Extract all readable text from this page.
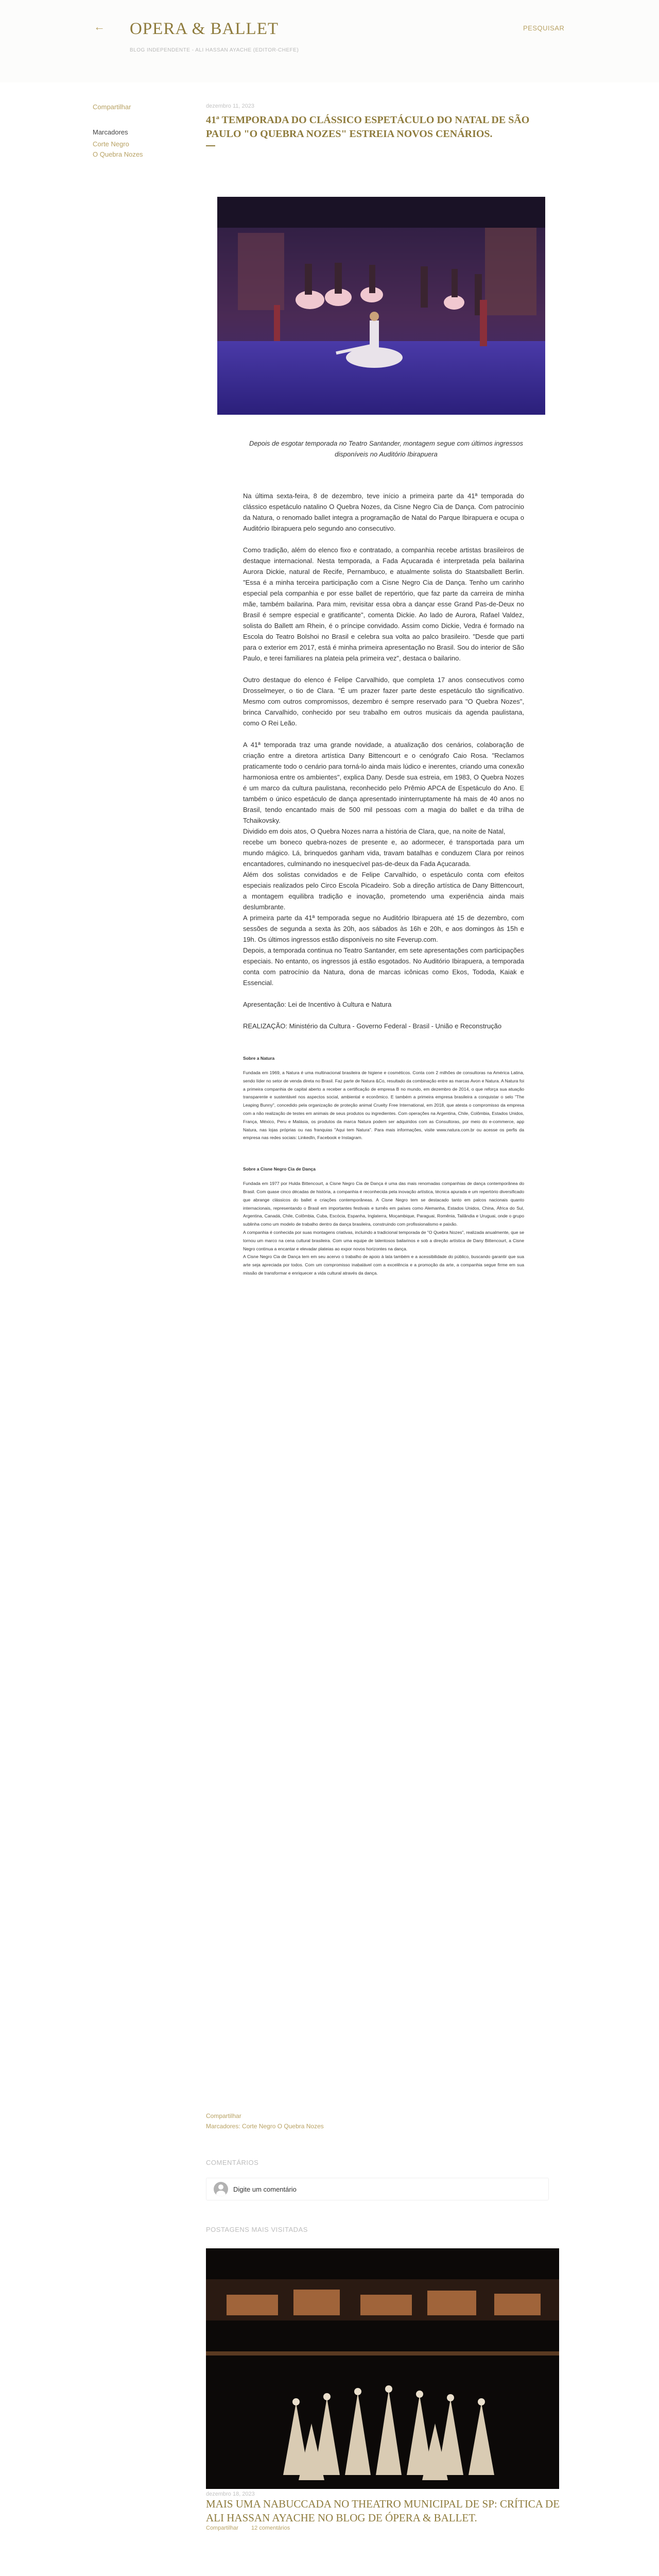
← OPERA & BALLET
BLOG INDEPENDENTE - ALI HASSAN AYACHE (EDITOR-CHEFE)
PESQUISAR
Compartilhar
Marcadores
Corte Negro
O Quebra Nozes
dezembro 11, 2023
41ª TEMPORADA DO CLÁSSICO ESPETÁCULO DO NATAL DE SÃO PAULO "O QUEBRA NOZES" ESTREIA NOVOS CENÁRIOS.
Depois de esgotar temporada no Teatro Santander, montagem segue com últimos ingressos disponíveis no Auditório Ibirapuera

Na última sexta-feira, 8 de dezembro, teve início a primeira parte da 41ª temporada do clássico espetáculo natalino O Quebra Nozes, da Cisne Negro Cia de Dança. Com patrocínio da Natura, o renomado ballet integra a programação de Natal do Parque Ibirapuera e ocupa o Auditório Ibirapuera pelo segundo ano consecutivo.

Como tradição, além do elenco fixo e contratado, a companhia recebe artistas brasileiros de destaque internacional. Nesta temporada, a Fada Açucarada é interpretada pela bailarina Aurora Dickie, natural de Recife, Pernambuco, e atualmente solista do Staatsballett Berlin. "Essa é a minha terceira participação com a Cisne Negro Cia de Dança. Tenho um carinho especial pela companhia e por esse ballet de repertório, que faz parte da carreira de minha mãe, também bailarina. Para mim, revisitar essa obra a dançar esse Grand Pas-de-Deux no Brasil é sempre especial e gratificante", comenta Dickie. Ao lado de Aurora, Rafael Valdez, solista do Ballett am Rhein, é o príncipe convidado. Assim como Dickie, Vedra é formado na Escola do Teatro Bolshoi no Brasil e celebra sua volta ao palco brasileiro. "Desde que parti para o exterior em 2017, está é minha primeira apresentação no Brasil. Sou do interior de São Paulo, e terei familiares na plateia pela primeira vez", destaca o bailarino.

Outro destaque do elenco é Felipe Carvalhido, que completa 17 anos consecutivos como Drosselmeyer, o tio de Clara. "É um prazer fazer parte deste espetáculo tão significativo. Mesmo com outros compromissos, dezembro é sempre reservado para "O Quebra Nozes", brinca Carvalhido, conhecido por seu trabalho em outros musicais da agenda paulistana, como O Rei Leão.

A 41ª temporada traz uma grande novidade, a atualização dos cenários, colaboração de criação entre a diretora artística Dany Bittencourt e o cenógrafo Caio Rosa. "Reclamos praticamente todo o cenário para torná-lo ainda mais lúdico e inerentes, criando uma conexão harmoniosa entre os ambientes", explica Dany. Desde sua estreia, em 1983, O Quebra Nozes é um marco da cultura paulistana, reconhecido pelo Prêmio APCA de Espetáculo do Ano. E também o único espetáculo de dança apresentado ininterruptamente há mais de 40 anos no Brasil, tendo encantado mais de 500 mil pessoas com a magia do ballet e da trilha de Tchaikovsky.

Dividido em dois atos, O Quebra Nozes narra a história de Clara, que, na noite de Natal,

recebe um boneco quebra-nozes de presente e, ao adormecer, é transportada para um mundo mágico. Lá, brinquedos ganham vida, travam batalhas e conduzem Clara por reinos encantadores, culminando no inesquecível pas-de-deux da Fada Açucarada.

Além dos solistas convidados e de Felipe Carvalhido, o espetáculo conta com efeitos especiais realizados pelo Circo Escola Picadeiro. Sob a direção artística de Dany Bittencourt, a montagem equilibra tradição e inovação, prometendo uma experiência ainda mais deslumbrante.

A primeira parte da 41ª temporada segue no Auditório Ibirapuera até 15 de dezembro, com sessões de segunda a sexta às 20h, aos sábados às 16h e 20h, e aos domingos às 15h e 19h. Os últimos ingressos estão disponíveis no site Feverup.com.

Depois, a temporada continua no Teatro Santander, em sete apresentações com participações especiais. No entanto, os ingressos já estão esgotados. No Auditório Ibirapuera, a temporada conta com patrocínio da Natura, dona de marcas icônicas como Ekos, Tododa, Kaiak e Essencial.

Apresentação: Lei de Incentivo à Cultura e Natura

REALIZAÇÃO: Ministério da Cultura - Governo Federal - Brasil - União e Reconstrução

Sobre a Natura

Fundada em 1969, a Natura é uma multinacional brasileira de higiene e cosméticos. Conta com 2 milhões de consultoras na América Latina, sendo líder no setor de venda direta no Brasil. Faz parte de Natura &Co, resultado da combinação entre as marcas Avon e Natura. A Natura foi a primeira companhia de capital aberto a receber a certificação de empresa B no mundo, em dezembro de 2014, o que reforça sua atuação transparente e sustentável nos aspectos social, ambiental e econômico. E também a primeira empresa brasileira a conquistar o selo "The Leaping Bunny", concedido pela organização de proteção animal Cruelty Free International, em 2018, que atesta o compromisso da empresa com a não realização de testes em animais de seus produtos ou ingredientes. Com operações na Argentina, Chile, Colômbia, Estados Unidos, França, México, Peru e Malásia, os produtos da marca Natura podem ser adquiridos com as Consultoras, por meio do e-commerce, app Natura, nas lojas próprias ou nas franquias "Aqui tem Natura". Para mais informações, visite www.natura.com.br ou acesse os perfis da empresa nas redes sociais: LinkedIn, Facebook e Instagram.

Sobre a Cisne Negro Cia de Dança

Fundada em 1977 por Hulda Bittencourt, a Cisne Negro Cia de Dança é uma das mais renomadas companhias de dança contemporânea do Brasil. Com quase cinco décadas de história, a companhia é reconhecida pela inovação artística, técnica apurada e um repertório diversificado que abrange clássicos do ballet e criações contemporâneas. A Cisne Negro tem se destacado tanto em palcos nacionais quanto internacionais, representando o Brasil em importantes festivais e turnês em países como Alemanha, Estados Unidos, China, África do Sul, Argentina, Canadá, Chile, Colômbia, Cuba, Escócia, Espanha, Inglaterra, Moçambique, Paraguai, Romênia, Tailândia e Uruguai, onde o grupo sublinha como um modelo de trabalho dentro da dança brasileira, construindo com profissionalismo e paixão.

A companhia é conhecida por suas montagens criativas, incluindo a tradicional temporada de "O Quebra Nozes", realizada anualmente, que se tornou um marco na cena cultural brasileira. Com uma equipe de talentosos bailarinos e sob a direção artística de Dany Bittencourt, a Cisne Negro continua a encantar e elevadar plateias ao expor novos horizontes na dança.

A Cisne Negro Cia de Dança tem em seu acervo o trabalho de apoio à lata também e a acessibilidade do público, buscando garantir que sua arte seja apreciada por todos. Com um compromisso inabalável com a excelência e a promoção da arte, a companhia segue firme em sua missão de transformar e enriquecer a vida cultural através da dança.

Compartilhar
Marcadores: Corte Negro O Quebra Nozes
COMENTÁRIOS
Digite um comentário
POSTAGENS MAIS VISITADAS
dezembro 18, 2023
MAIS UMA NABUCCADA NO THEATRO MUNICIPAL DE SP: CRÍTICA DE ALI HASSAN AYACHE NO BLOG DE ÓPERA & BALLET.
Compartilhar 12 comentários
